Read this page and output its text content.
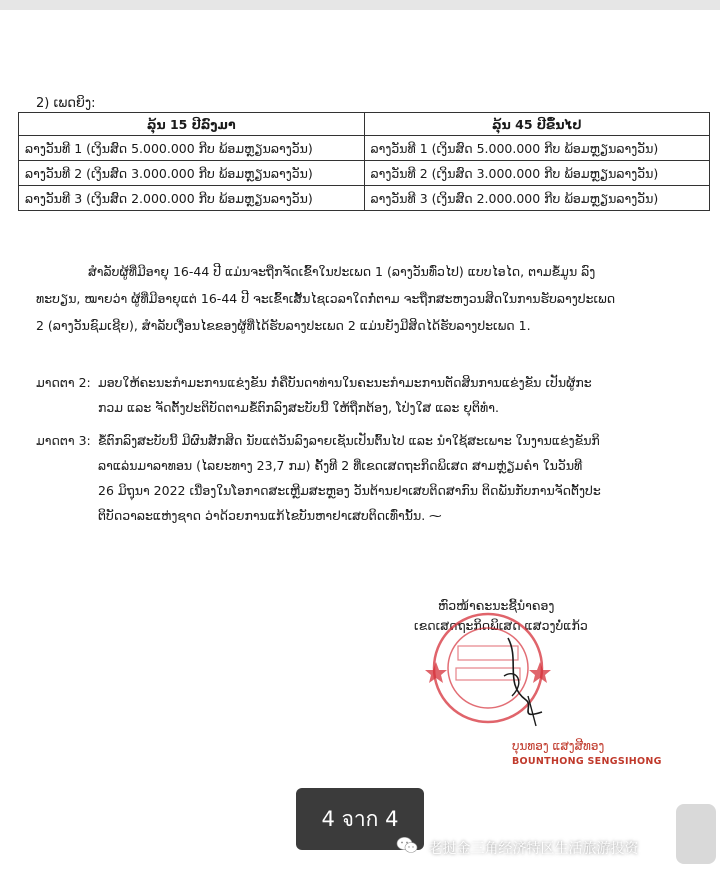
2) ເພດຍິງ:
ລຸ້ນ 15 ປີລົງມາ	ລຸ້ນ 45 ປີຂຶ້ນໄປ
ລາງວັນທີ 1 (ເງິນສົດ 5.000.000 ກີບ ພ້ອມຫຼຽນລາງວັນ)	ລາງວັນທີ 1 (ເງິນສົດ 5.000.000 ກີບ ພ້ອມຫຼຽນລາງວັນ)
ລາງວັນທີ 2 (ເງິນສົດ 3.000.000 ກີບ ພ້ອມຫຼຽນລາງວັນ)	ລາງວັນທີ 2 (ເງິນສົດ 3.000.000 ກີບ ພ້ອມຫຼຽນລາງວັນ)
ລາງວັນທີ 3 (ເງິນສົດ 2.000.000 ກີບ ພ້ອມຫຼຽນລາງວັນ)	ລາງວັນທີ 3 (ເງິນສົດ 2.000.000 ກີບ ພ້ອມຫຼຽນລາງວັນ)
ສຳລັບຜູ້ທີ່ມີອາຍຸ 16-44 ປີ ແມ່ນຈະຖືກຈັດເຂົ້າໃນປະເພດ 1 (ລາງວັນທົ່ວໄປ) ແບບໄອໄດ, ຕາມຂໍ້ມູນ ລົງ
ທະບຽນ, ໝາຍວ່າ ຜູ້ທີ່ມີອາຍຸແຕ່ 16-44 ປີ ຈະເຂົ້າເສັ້ນໄຊເວລາໃດກໍ່ຕາມ ຈະຖືກສະຫງວນສິດໃນການຮັບລາງປະເພດ
2 (ລາງວັນຊົມເຊີຍ), ສຳລັບເງື່ອນໄຂຂອງຜູ້ທີ່ໄດ້ຮັບລາງປະເພດ 2 ແມ່ນຍັງມີສິດໄດ້ຮັບລາງປະເພດ 1.
ມາດຕາ 2: ມອບໃຫ້ຄະນະກຳມະການແຂ່ງຂັນ ກໍ່ຄືບັນດາທ່ານໃນຄະນະກຳມະການຕັດສິນການແຂ່ງຂັນ ເປັນຜູ້ກະ
ກວມ ແລະ ຈັດຕັ້ງປະຕິບັດຕາມຂໍ້ຕົກລົງສະບັບນີ້ ໃຫ້ຖືກຕ້ອງ, ໂປ່ງໃສ ແລະ ຍຸຕິທຳ.
ມາດຕາ 3: ຂໍ້ຕົກລົງສະບັບນີ້ ມີຜົນສັກສິດ ນັບແຕ່ວັນລົງລາຍເຊັນເປັນຕົ້ນໄປ ແລະ ນຳໃຊ້ສະເພາະ ໃນງານແຂ່ງຂັນກິ
ລາແລ່ນມາລາທອນ (ໄລຍະທາງ 23,7 ກມ) ຄັ້ງທີ 2 ທີ່ເຂດເສດຖະກິດພິເສດ ສາມຫຼ່ຽມຄຳ ໃນວັນທີ
26 ມິຖຸນາ 2022 ເນື່ອງໃນໂອກາດສະເຫຼີມສະຫຼອງ ວັນຕ້ານຢາເສບຕິດສາກົນ ຕິດພັນກັບການຈັດຕັ້ງປະ
ຕິບັດວາລະແຫ່ງຊາດ ວ່າດ້ວຍການແກ້ໄຂບັນຫາຢາເສບຕິດເທົ່ານັ້ນ. ⁓
ຫົວໜ້າຄະນະຊີ້ນຳຄອງ
ເຂດເສດຖະກິດພິເສດ ແສວງບໍ່ແກ້ວ
ບຸນທອງ ແສງສີທອງ
BOUNTHONG SENGSIHONG
4 จาก 4
老挝金三角经济特区生活旅游投资
